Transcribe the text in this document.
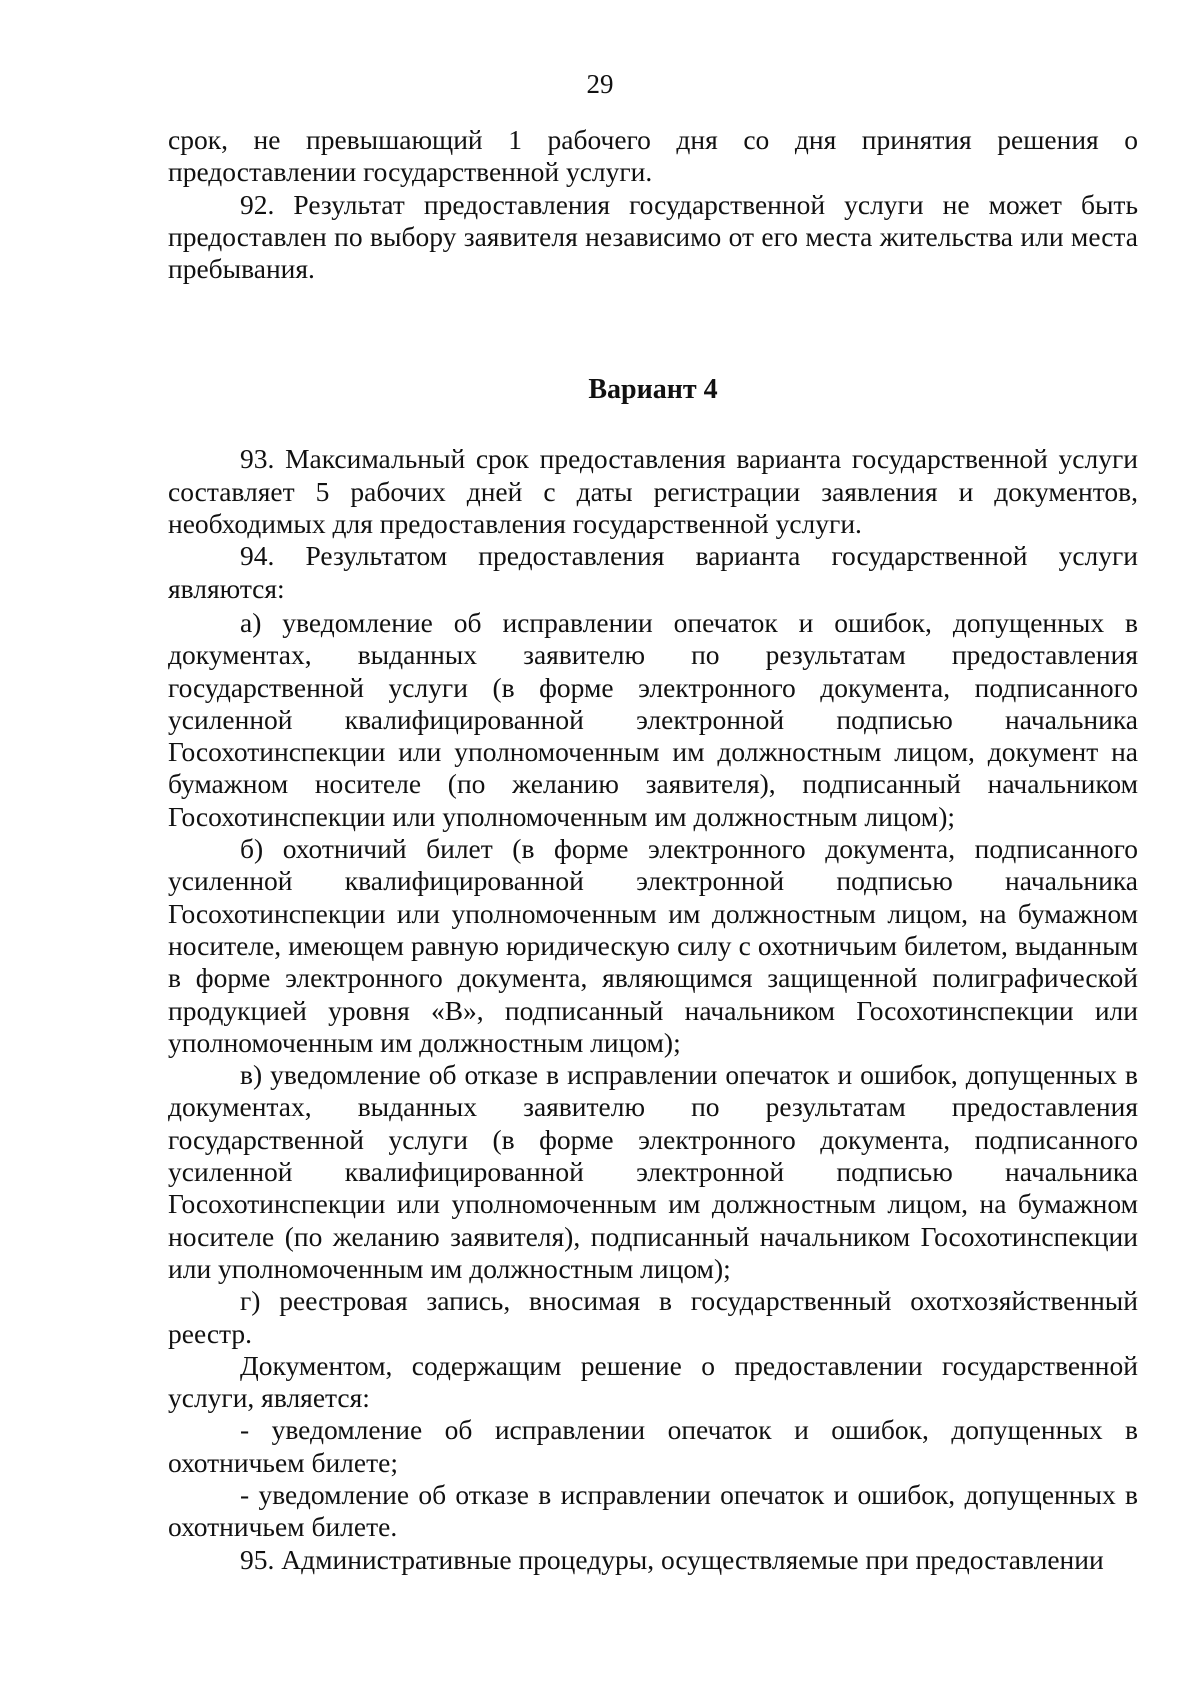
29

срок, не превышающий 1 рабочего дня со дня принятия решения о предоставлении государственной услуги.

92. Результат предоставления государственной услуги не может быть предоставлен по выбору заявителя независимо от его места жительства или места пребывания.

Вариант 4

93. Максимальный срок предоставления варианта государственной услуги составляет 5 рабочих дней с даты регистрации заявления и документов, необходимых для предоставления государственной услуги.

94. Результатом предоставления варианта государственной услуги являются:

а) уведомление об исправлении опечаток и ошибок, допущенных в документах, выданных заявителю по результатам предоставления государственной услуги (в форме электронного документа, подписанного усиленной квалифицированной электронной подписью начальника Госохотинспекции или уполномоченным им должностным лицом, документ на бумажном носителе (по желанию заявителя), подписанный начальником Госохотинспекции или уполномоченным им должностным лицом);

б) охотничий билет (в форме электронного документа, подписанного усиленной квалифицированной электронной подписью начальника Госохотинспекции или уполномоченным им должностным лицом, на бумажном носителе, имеющем равную юридическую силу с охотничьим билетом, выданным в форме электронного документа, являющимся защищенной полиграфической продукцией уровня «В», подписанный начальником Госохотинспекции или уполномоченным им должностным лицом);

в) уведомление об отказе в исправлении опечаток и ошибок, допущенных в документах, выданных заявителю по результатам предоставления государственной услуги (в форме электронного документа, подписанного усиленной квалифицированной электронной подписью начальника Госохотинспекции или уполномоченным им должностным лицом, на бумажном носителе (по желанию заявителя), подписанный начальником Госохотинспекции или уполномоченным им должностным лицом);

г) реестровая запись, вносимая в государственный охотхозяйственный реестр.

Документом, содержащим решение о предоставлении государственной услуги, является:

- уведомление об исправлении опечаток и ошибок, допущенных в охотничьем билете;

- уведомление об отказе в исправлении опечаток и ошибок, допущенных в охотничьем билете.

95. Административные процедуры, осуществляемые при предоставлении
